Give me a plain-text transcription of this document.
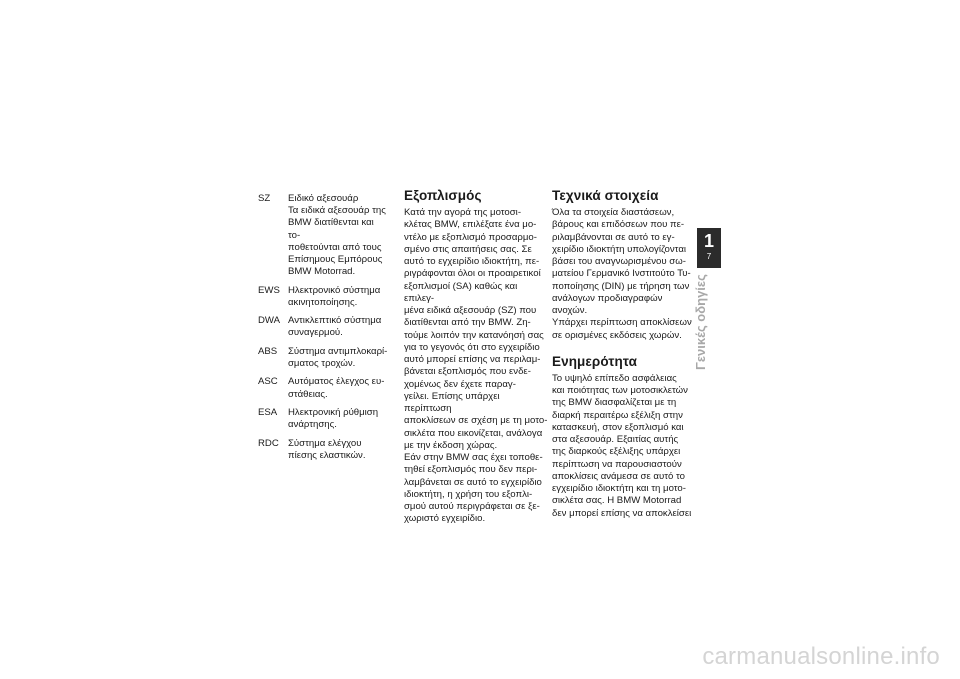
SZ	Ειδικό αξεσουάρ
Τα ειδικά αξεσουάρ της BMW διατίθενται και το-
ποθετούνται από τους Επίσημους Εμπόρους BMW Motorrad.
EWS Ηλεκτρονικό σύστημα ακινητοποίησης.
DWA Αντικλεπτικό σύστημα συναγερμού.
ABS	Σύστημα αντιμπλοκαρί-
σματος τροχών.
ASC	Αυτόματος έλεγχος ευ-
στάθειας.
ESA	Ηλεκτρονική ρύθμιση ανάρτησης.
RDC Σύστημα ελέγχου πίεσης ελαστικών.
Εξοπλισμός

Κατά την αγορά της μοτοσι-
κλέτας BMW, επιλέξατε ένα μο-
ντέλο με εξοπλισμό προσαρμο-
σμένο στις απαιτήσεις σας. Σε
αυτό το εγχειρίδιο ιδιοκτήτη, πε-
ριγράφονται όλοι οι προαιρετικοί
εξοπλισμοί (SA) καθώς και επιλεγ-
μένα ειδικά αξεσουάρ (SZ) που
διατίθενται από την BMW. Ζη-
τούμε λοιπόν την κατανόησή σας
για το γεγονός ότι στο εγχειρίδιο
αυτό μπορεί επίσης να περιλαμ-
βάνεται εξοπλισμός που ενδε-
χομένως δεν έχετε παραγ-
γείλει. Επίσης υπάρχει περίπτωση
αποκλίσεων σε σχέση με τη μοτο-
σικλέτα που εικονίζεται, ανάλογα
με την έκδοση χώρας.
Εάν στην BMW σας έχει τοποθε-
τηθεί εξοπλισμός που δεν περι-
λαμβάνεται σε αυτό το εγχειρίδιο
ιδιοκτήτη, η χρήση του εξοπλι-
σμού αυτού περιγράφεται σε ξε-
χωριστό εγχειρίδιο.

Τεχνικά στοιχεία

Όλα τα στοιχεία διαστάσεων,
βάρους και επιδόσεων που πε-
ριλαμβάνονται σε αυτό το εγ-
χειρίδιο ιδιοκτήτη υπολογίζονται
βάσει του αναγνωρισμένου σω-
ματείου Γερμανικό Ινστιτούτο Τυ-
ποποίησης (DIN) με τήρηση των
ανάλογων προδιαγραφών ανοχών.
Υπάρχει περίπτωση αποκλίσεων
σε ορισμένες εκδόσεις χωρών.

Ενημερότητα

Το υψηλό επίπεδο ασφάλειας
και ποιότητας των μοτοσικλετών
της BMW διασφαλίζεται με τη
διαρκή περαιτέρω εξέλιξη στην
κατασκευή, στον εξοπλισμό και
στα αξεσουάρ. Εξαιτίας αυτής
της διαρκούς εξέλιξης υπάρχει
περίπτωση να παρουσιαστούν
αποκλίσεις ανάμεσα σε αυτό το
εγχειρίδιο ιδιοκτήτη και τη μοτο-
σικλέτα σας. Η BMW Motorrad
δεν μπορεί επίσης να αποκλείσει

1
7
Γενικές οδηγίες
carmanualsonline.info
